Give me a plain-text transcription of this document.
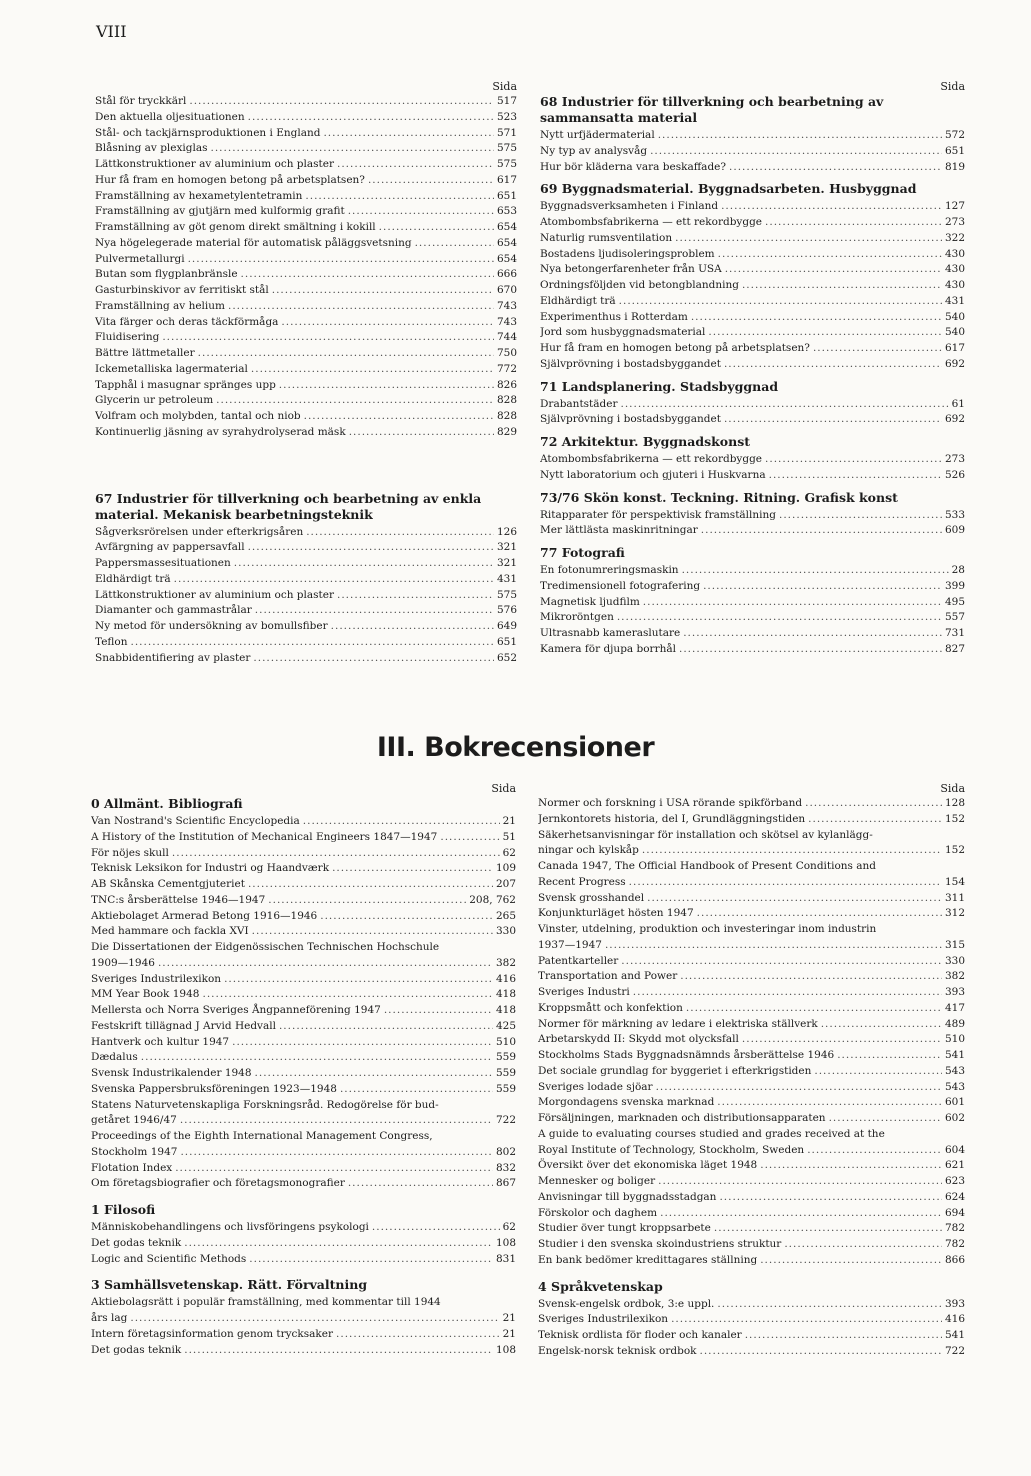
VIII
Sida
Stål för tryckkärl .....	517
Den aktuella oljesituationen .....	523
Stål- och tackjärnsproduktionen i England .....	571
Blåsning av plexiglas .....	575
Lättkonstruktioner av aluminium och plaster .....	575
Hur få fram en homogen betong på arbetsplatsen? .....	617
Framställning av hexametylentetramin .....	651
Framställning av gjutjärn med kulformig grafit .....	653
Framställning av göt genom direkt smältning i kokill .....	654
Nya högelegerade material för automatisk påläggsvetsning .....	654
Pulvermetallurgi .....	654
Butan som flygplanbränsle .....	666
Gasturbinskivor av ferritiskt stål .....	670
Framställning av helium .....	743
Vita färger och deras täckförmåga .....	743
Fluidisering .....	744
Bättre lättmetaller .....	750
Ickemetalliska lagermaterial .....	772
Tapphål i masugnar spränges upp .....	826
Glycerin ur petroleum .....	828
Volfram och molybden, tantal och niob .....	828
Kontinuerlig jäsning av syrahydrolyserad mäsk .....	829
67 Industrier för tillverkning och bearbetning av enkla material. Mekanisk bearbetningsteknik
Sågverksrörelsen under efterkrigsåren .....	126
Avfärgning av pappersavfall .....	321
Pappersmassesituationen .....	321
Eldhärdigt trä .....	431
Lättkonstruktioner av aluminium och plaster .....	575
Diamanter och gammastrålar .....	576
Ny metod för undersökning av bomullsfiber .....	649
Teflon .....	651
Snabbidentifiering av plaster .....	652
Sida
68 Industrier för tillverkning och bearbetning av sammansatta material
Nytt urfjädermaterial .....	572
Ny typ av analysvåg .....	651
Hur bör kläderna vara beskaffade? .....	819
69 Byggnadsmaterial. Byggnadsarbeten. Husbyggnad
Byggnadsverksamheten i Finland .....	127
Atombombsfabrikerna — ett rekordbygge .....	273
Naturlig rumsventilation .....	322
Bostadens ljudisoleringsproblem .....	430
Nya betongerfarenheter från USA .....	430
Ordningsföljden vid betongblandning .....	430
Eldhärdigt trä .....	431
Experimenthus i Rotterdam .....	540
Jord som husbyggnadsmaterial .....	540
Hur få fram en homogen betong på arbetsplatsen? .....	617
Självprövning i bostadsbyggandet .....	692
71 Landsplanering. Stadsbyggnad
Drabantstäder .....	61
Självprövning i bostadsbyggandet .....	692
72 Arkitektur. Byggnadskonst
Atombombsfabrikerna — ett rekordbygge .....	273
Nytt laboratorium och gjuteri i Huskvarna .....	526
73/76 Skön konst. Teckning. Ritning. Grafisk konst
Ritapparater för perspektivisk framställning .....	533
Mer lättlästa maskinritningar .....	609
77 Fotografi
En fotonumreringsmaskin .....	28
Tredimensionell fotografering .....	399
Magnetisk ljudfilm .....	495
Mikroröntgen .....	557
Ultrasnabb kameraslutare .....	731
Kamera för djupa borrhål .....	827
III. Bokrecensioner
Sida
0 Allmänt. Bibliografi
Van Nostrand's Scientific Encyclopedia .....	21
A History of the Institution of Mechanical Engineers 1847—1947 .....	51
För nöjes skull .....	62
Teknisk Leksikon for Industri og Haandværk .....	109
AB Skånska Cementgjuteriet .....	207
TNC:s årsberättelse 1946—1947 .....	208, 762
Aktiebolaget Armerad Betong 1916—1946 .....	265
Med hammare och fackla XVI .....	330
Die Dissertationen der Eidgenössischen Technischen Hochschule
1909—1946 .....	382
Sveriges Industrilexikon .....	416
MM Year Book 1948 .....	418
Mellersta och Norra Sveriges Ångpanneförening 1947 .....	418
Festskrift tillägnad J Arvid Hedvall .....	425
Hantverk och kultur 1947 .....	510
Dædalus .....	559
Svensk Industrikalender 1948 .....	559
Svenska Pappersbruksföreningen 1923—1948 .....	559
Statens Naturvetenskapliga Forskningsråd. Redogörelse för bud-
getåret 1946/47 .....	722
Proceedings of the Eighth International Management Congress,
Stockholm 1947 .....	802
Flotation Index .....	832
Om företagsbiografier och företagsmonografier .....	867
1 Filosofi
Människobehandlingens och livsföringens psykologi .....	62
Det godas teknik .....	108
Logic and Scientific Methods .....	831
3 Samhällsvetenskap. Rätt. Förvaltning
Aktiebolagsrätt i populär framställning, med kommentar till 1944
års lag .....	21
Intern företagsinformation genom trycksaker .....	21
Det godas teknik .....	108
Sida
Normer och forskning i USA rörande spikförband .....	128
Jernkontorets historia, del I, Grundläggningstiden .....	152
Säkerhetsanvisningar för installation och skötsel av kylanlägg-
ningar och kylskåp .....	152
Canada 1947, The Official Handbook of Present Conditions and
Recent Progress .....	154
Svensk grosshandel .....	311
Konjunkturläget hösten 1947 .....	312
Vinster, utdelning, produktion och investeringar inom industrin
1937—1947 .....	315
Patentkarteller .....	330
Transportation and Power .....	382
Sveriges Industri .....	393
Kroppsmått och konfektion .....	417
Normer för märkning av ledare i elektriska ställverk .....	489
Arbetarskydd II: Skydd mot olycksfall .....	510
Stockholms Stads Byggnadsnämnds årsberättelse 1946 .....	541
Det sociale grundlag for byggeriet i efterkrigstiden .....	543
Sveriges lodade sjöar .....	543
Morgondagens svenska marknad .....	601
Försäljningen, marknaden och distributionsapparaten .....	602
A guide to evaluating courses studied and grades received at the
Royal Institute of Technology, Stockholm, Sweden .....	604
Översikt över det ekonomiska läget 1948 .....	621
Mennesker og boliger .....	623
Anvisningar till byggnadsstadgan .....	624
Förskolor och daghem .....	694
Studier över tungt kroppsarbete .....	782
Studier i den svenska skoindustriens struktur .....	782
En bank bedömer kredittagares ställning .....	866
4 Språkvetenskap
Svensk-engelsk ordbok, 3:e uppl. .....	393
Sveriges Industrilexikon .....	416
Teknisk ordlista för floder och kanaler .....	541
Engelsk-norsk teknisk ordbok .....	722
